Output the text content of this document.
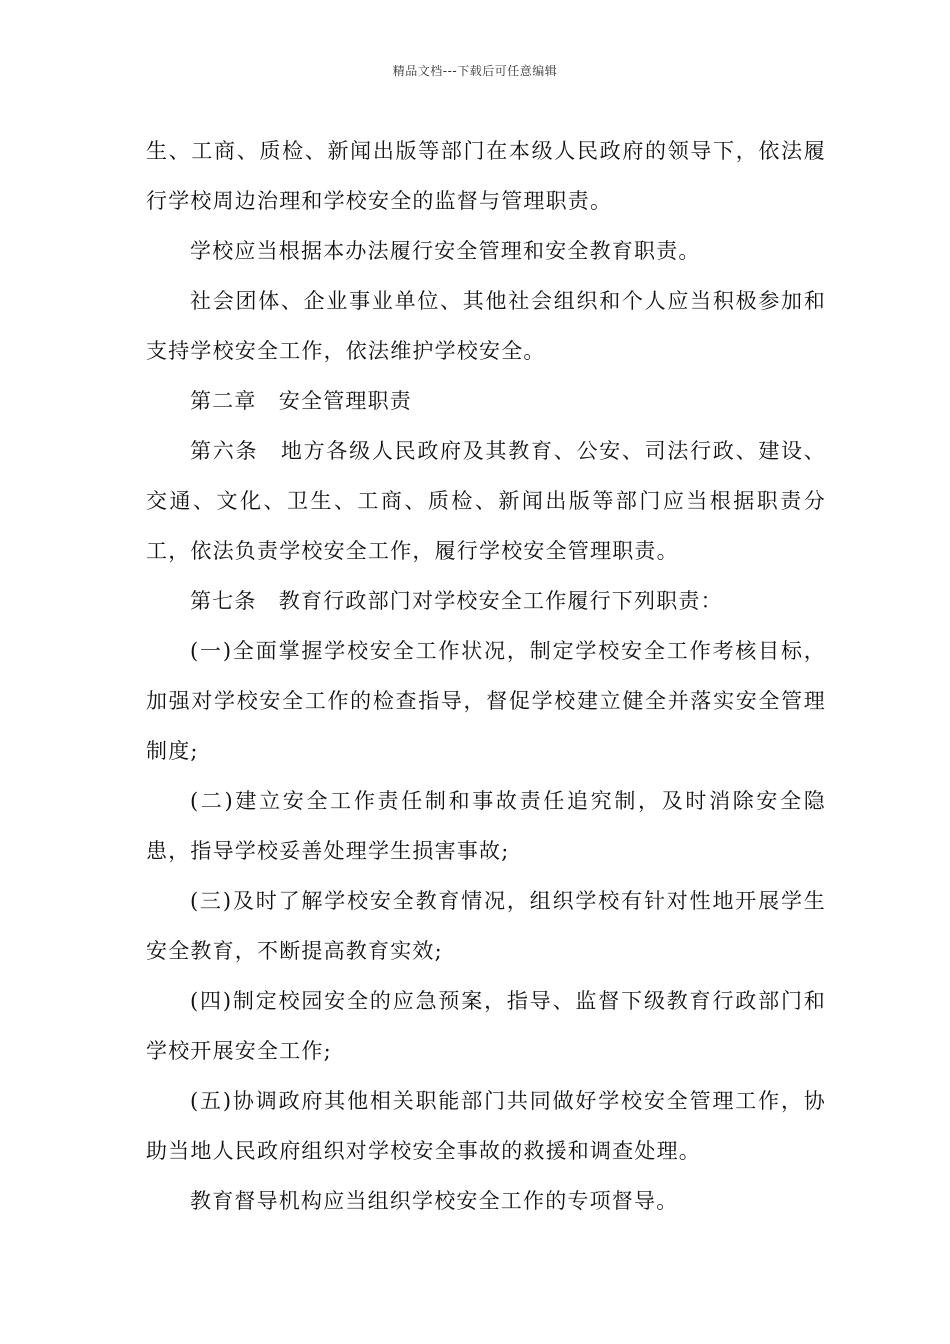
精品文档---下载后可任意编辑

生、工商、质检、新闻出版等部门在本级人民政府的领导下，依法履行学校周边治理和学校安全的监督与管理职责。

学校应当根据本办法履行安全管理和安全教育职责。

社会团体、企业事业单位、其他社会组织和个人应当积极参加和支持学校安全工作，依法维护学校安全。

第二章　安全管理职责

第六条　地方各级人民政府及其教育、公安、司法行政、建设、交通、文化、卫生、工商、质检、新闻出版等部门应当根据职责分工，依法负责学校安全工作，履行学校安全管理职责。

第七条　教育行政部门对学校安全工作履行下列职责：

(一)全面掌握学校安全工作状况，制定学校安全工作考核目标，加强对学校安全工作的检查指导，督促学校建立健全并落实安全管理制度;

(二)建立安全工作责任制和事故责任追究制，及时消除安全隐患，指导学校妥善处理学生损害事故;

(三)及时了解学校安全教育情况，组织学校有针对性地开展学生安全教育，不断提高教育实效;

(四)制定校园安全的应急预案，指导、监督下级教育行政部门和学校开展安全工作;

(五)协调政府其他相关职能部门共同做好学校安全管理工作，协助当地人民政府组织对学校安全事故的救援和调查处理。

教育督导机构应当组织学校安全工作的专项督导。
